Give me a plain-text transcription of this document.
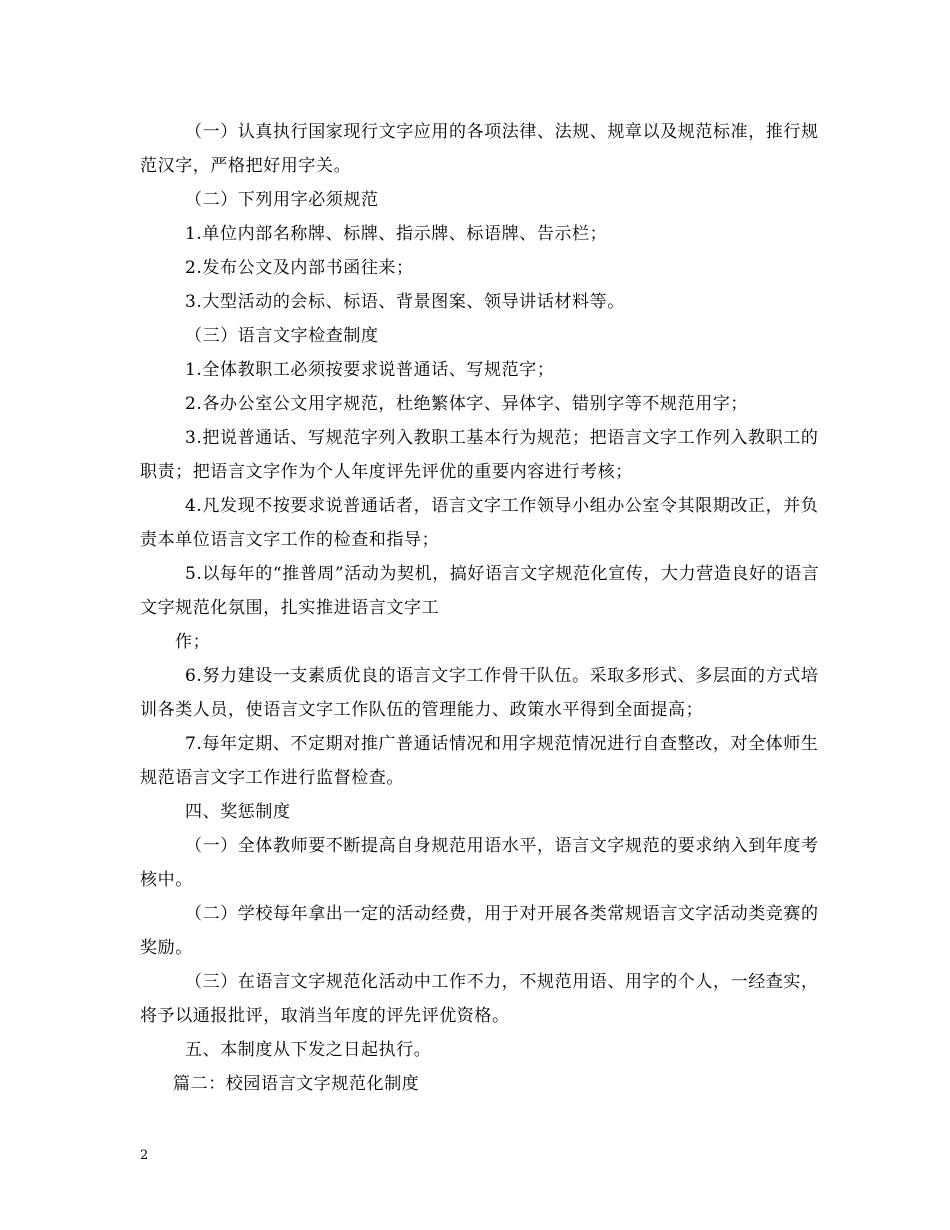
（一）认真执行国家现行文字应用的各项法律、法规、规章以及规范标准，推行规范汉字，严格把好用字关。

（二）下列用字必须规范

1.单位内部名称牌、标牌、指示牌、标语牌、告示栏；

2.发布公文及内部书函往来；

3.大型活动的会标、标语、背景图案、领导讲话材料等。

（三）语言文字检查制度

1.全体教职工必须按要求说普通话、写规范字；

2.各办公室公文用字规范，杜绝繁体字、异体字、错别字等不规范用字；

3.把说普通话、写规范字列入教职工基本行为规范；把语言文字工作列入教职工的职责；把语言文字作为个人年度评先评优的重要内容进行考核；

4.凡发现不按要求说普通话者，语言文字工作领导小组办公室令其限期改正，并负责本单位语言文字工作的检查和指导；

5.以每年的“推普周”活动为契机，搞好语言文字规范化宣传，大力营造良好的语言文字规范化氛围，扎实推进语言文字工

作；

6.努力建设一支素质优良的语言文字工作骨干队伍。采取多形式、多层面的方式培训各类人员，使语言文字工作队伍的管理能力、政策水平得到全面提高；

7.每年定期、不定期对推广普通话情况和用字规范情况进行自查整改，对全体师生规范语言文字工作进行监督检查。

四、奖惩制度

（一）全体教师要不断提高自身规范用语水平，语言文字规范的要求纳入到年度考核中。

（二）学校每年拿出一定的活动经费，用于对开展各类常规语言文字活动类竞赛的奖励。

（三）在语言文字规范化活动中工作不力，不规范用语、用字的个人，一经查实，将予以通报批评，取消当年度的评先评优资格。

五、本制度从下发之日起执行。

篇二：校园语言文字规范化制度

2
